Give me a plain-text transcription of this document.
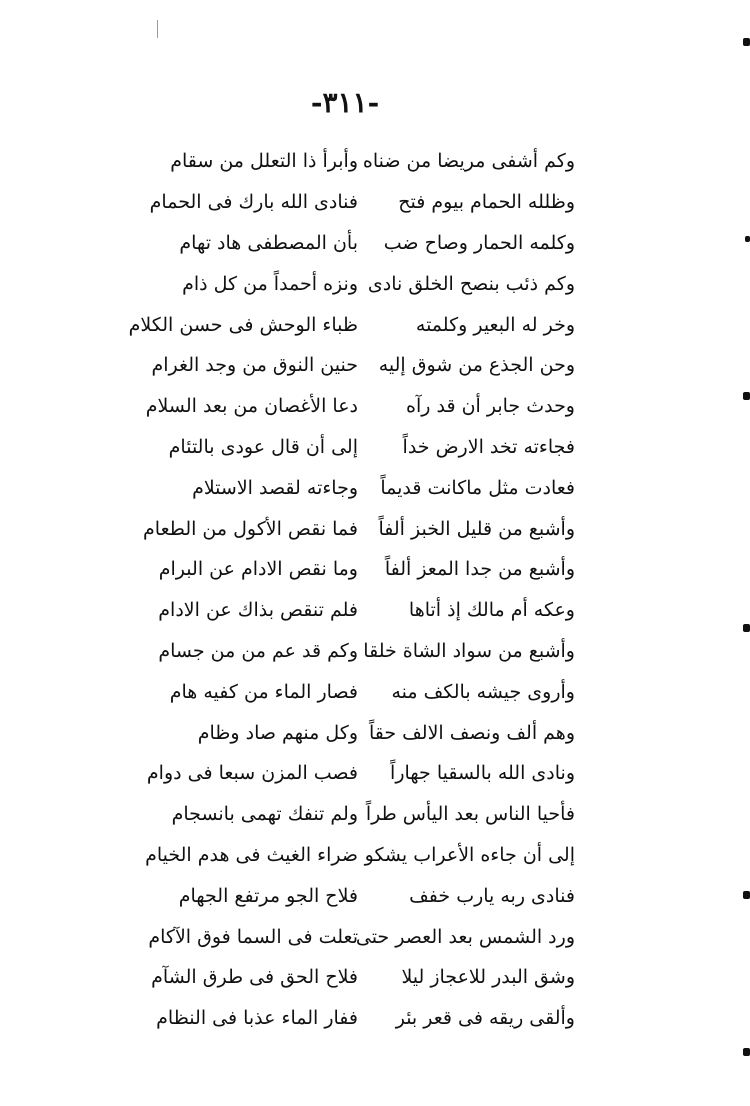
-٣١١-
وكم أشفى مريضا من ضناه
وأبرأ ذا التعلل من سقام
وظلله الحمام بيوم فتح
فنادى الله بارك فى الحمام
وكلمه الحمار وصاح ضب
بأن المصطفى هاد تهام
وكم ذئب بنصح الخلق نادى
ونزه أحمداً من كل ذام
وخر له البعير وكلمته
ظباء الوحش فى حسن الكلام
وحن الجذع من شوق إليه
حنين النوق من وجد الغرام
وحدث جابر أن قد رآه
دعا الأغصان من بعد السلام
فجاءته تخد الارض خداً
إلى أن قال عودى بالتئام
فعادت مثل ماكانت قديماً
وجاءته لقصد الاستلام
وأشبع من قليل الخبز ألفاً
فما نقص الأكول من الطعام
وأشبع من جدا المعز ألفاً
وما نقص الادام عن البرام
وعكه أم مالك إذ أتاها
فلم تنقص بذاك عن الادام
وأشبع من سواد الشاة خلقا
وكم قد عم من من جسام
وأروى جيشه بالكف منه
فصار الماء من كفيه هام
وهم ألف ونصف الالف حقاً
وكل منهم صاد وظام
ونادى الله بالسقيا جهاراً
فصب المزن سبعا فى دوام
فأحيا الناس بعد اليأس طراً
ولم تنفك تهمى بانسجام
إلى أن جاءه الأعراب يشكو
ضراء الغيث فى هدم الخيام
فنادى ربه يارب خفف
فلاح الجو مرتفع الجهام
ورد الشمس بعد العصر حتى
تعلت فى السما فوق الآكام
وشق البدر للاعجاز ليلا
فلاح الحق فى طرق الشآم
وألقى ريقه فى قعر بئر
ففار الماء عذبا فى النظام
